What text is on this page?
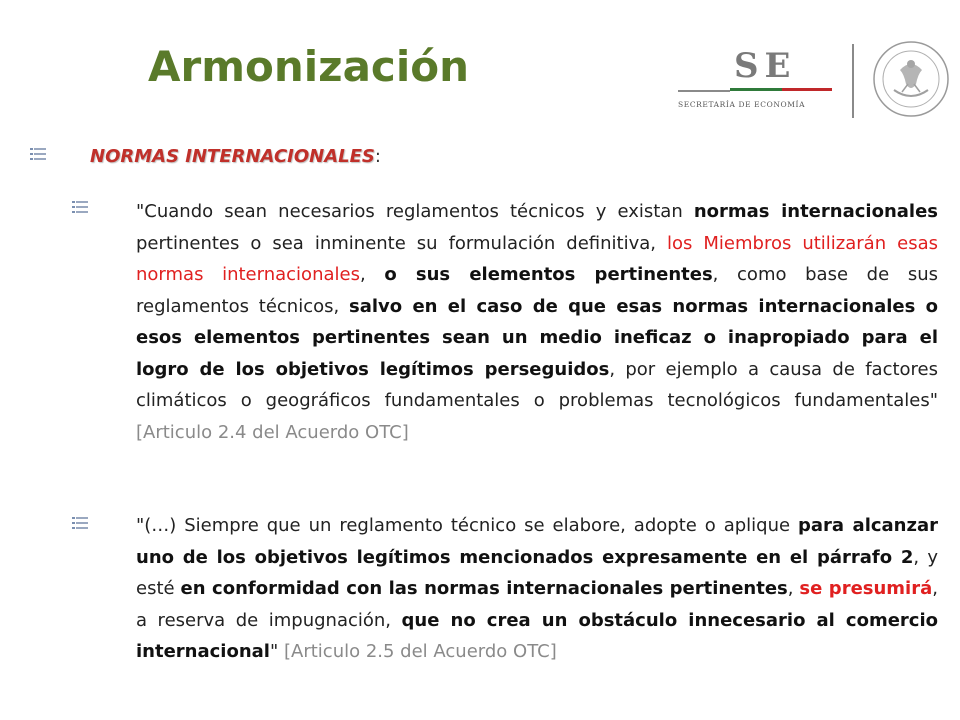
Armonización	SE
SECRETARÍA DE ECONOMÍA
NORMAS INTERNACIONALES:

"Cuando sean necesarios reglamentos técnicos y existan normas internacionales pertinentes o sea inminente su formulación definitiva, los Miembros utilizarán esas normas internacionales, o sus elementos pertinentes, como base de sus reglamentos técnicos, salvo en el caso de que esas normas internacionales o esos elementos pertinentes sean un medio ineficaz o inapropiado para el logro de los objetivos legítimos perseguidos, por ejemplo a causa de factores climáticos o geográficos fundamentales o problemas tecnológicos fundamentales" [Articulo 2.4 del Acuerdo OTC]

"(…) Siempre que un reglamento técnico se elabore, adopte o aplique para alcanzar uno de los objetivos legítimos mencionados expresamente en el párrafo 2, y esté en conformidad con las normas internacionales pertinentes, se presumirá, a reserva de impugnación, que no crea un obstáculo innecesario al comercio internacional" [Articulo 2.5 del Acuerdo OTC]
